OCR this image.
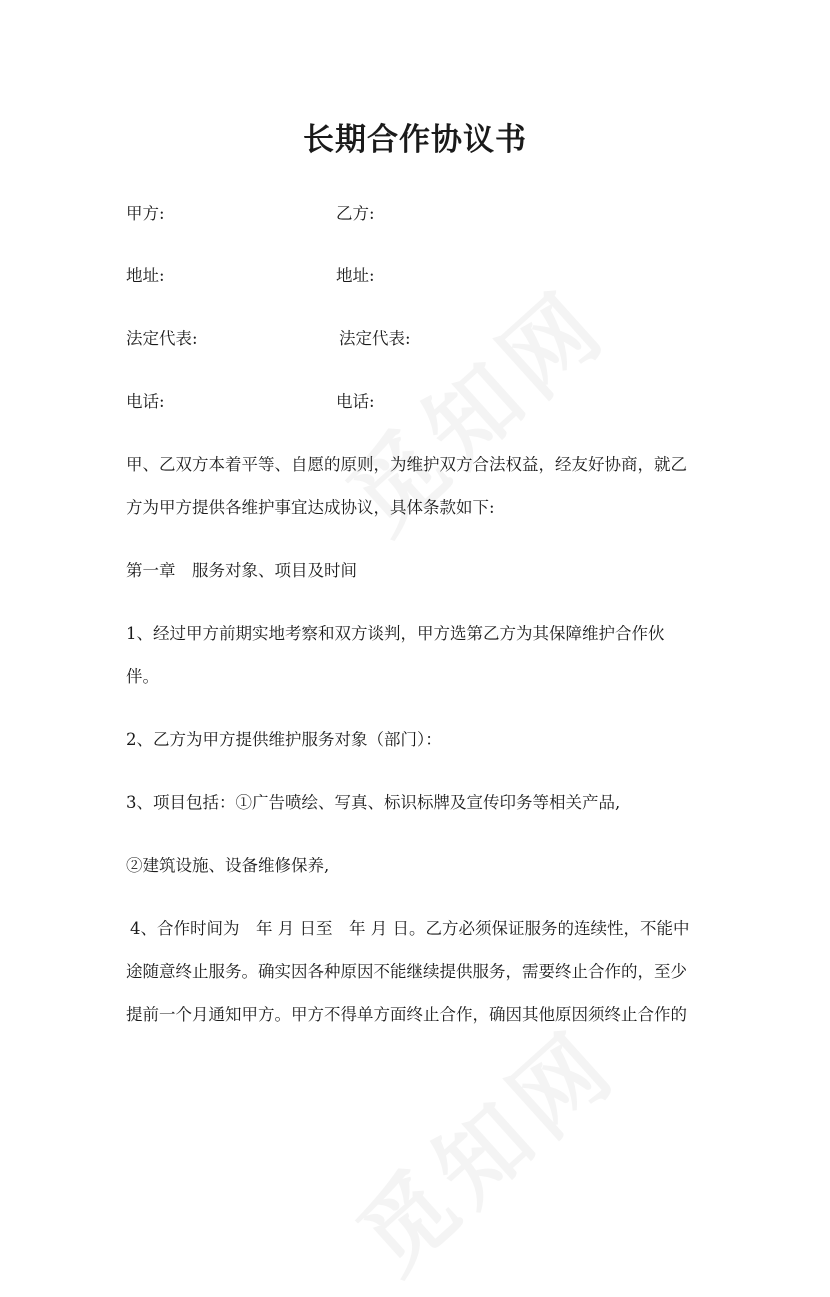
长期合作协议书
甲方:	乙方:
地址:	地址:
法定代表:	法定代表:
电话:	电话:
甲、乙双方本着平等、自愿的原则，为维护双方合法权益，经友好协商，就乙
方为甲方提供各维护事宜达成协议，具体条款如下:
第一章　服务对象、项目及时间
1、经过甲方前期实地考察和双方谈判，甲方选第乙方为其保障维护合作伙
伴。
2、乙方为甲方提供维护服务对象（部门）：
3、项目包括：①广告喷绘、写真、标识标牌及宣传印务等相关产品,
②建筑设施、设备维修保养,
4、合作时间为　年 月 日至　年 月 日。乙方必须保证服务的连续性，不能中
途随意终止服务。确实因各种原因不能继续提供服务，需要终止合作的，至少
提前一个月通知甲方。甲方不得单方面终止合作，确因其他原因须终止合作的
